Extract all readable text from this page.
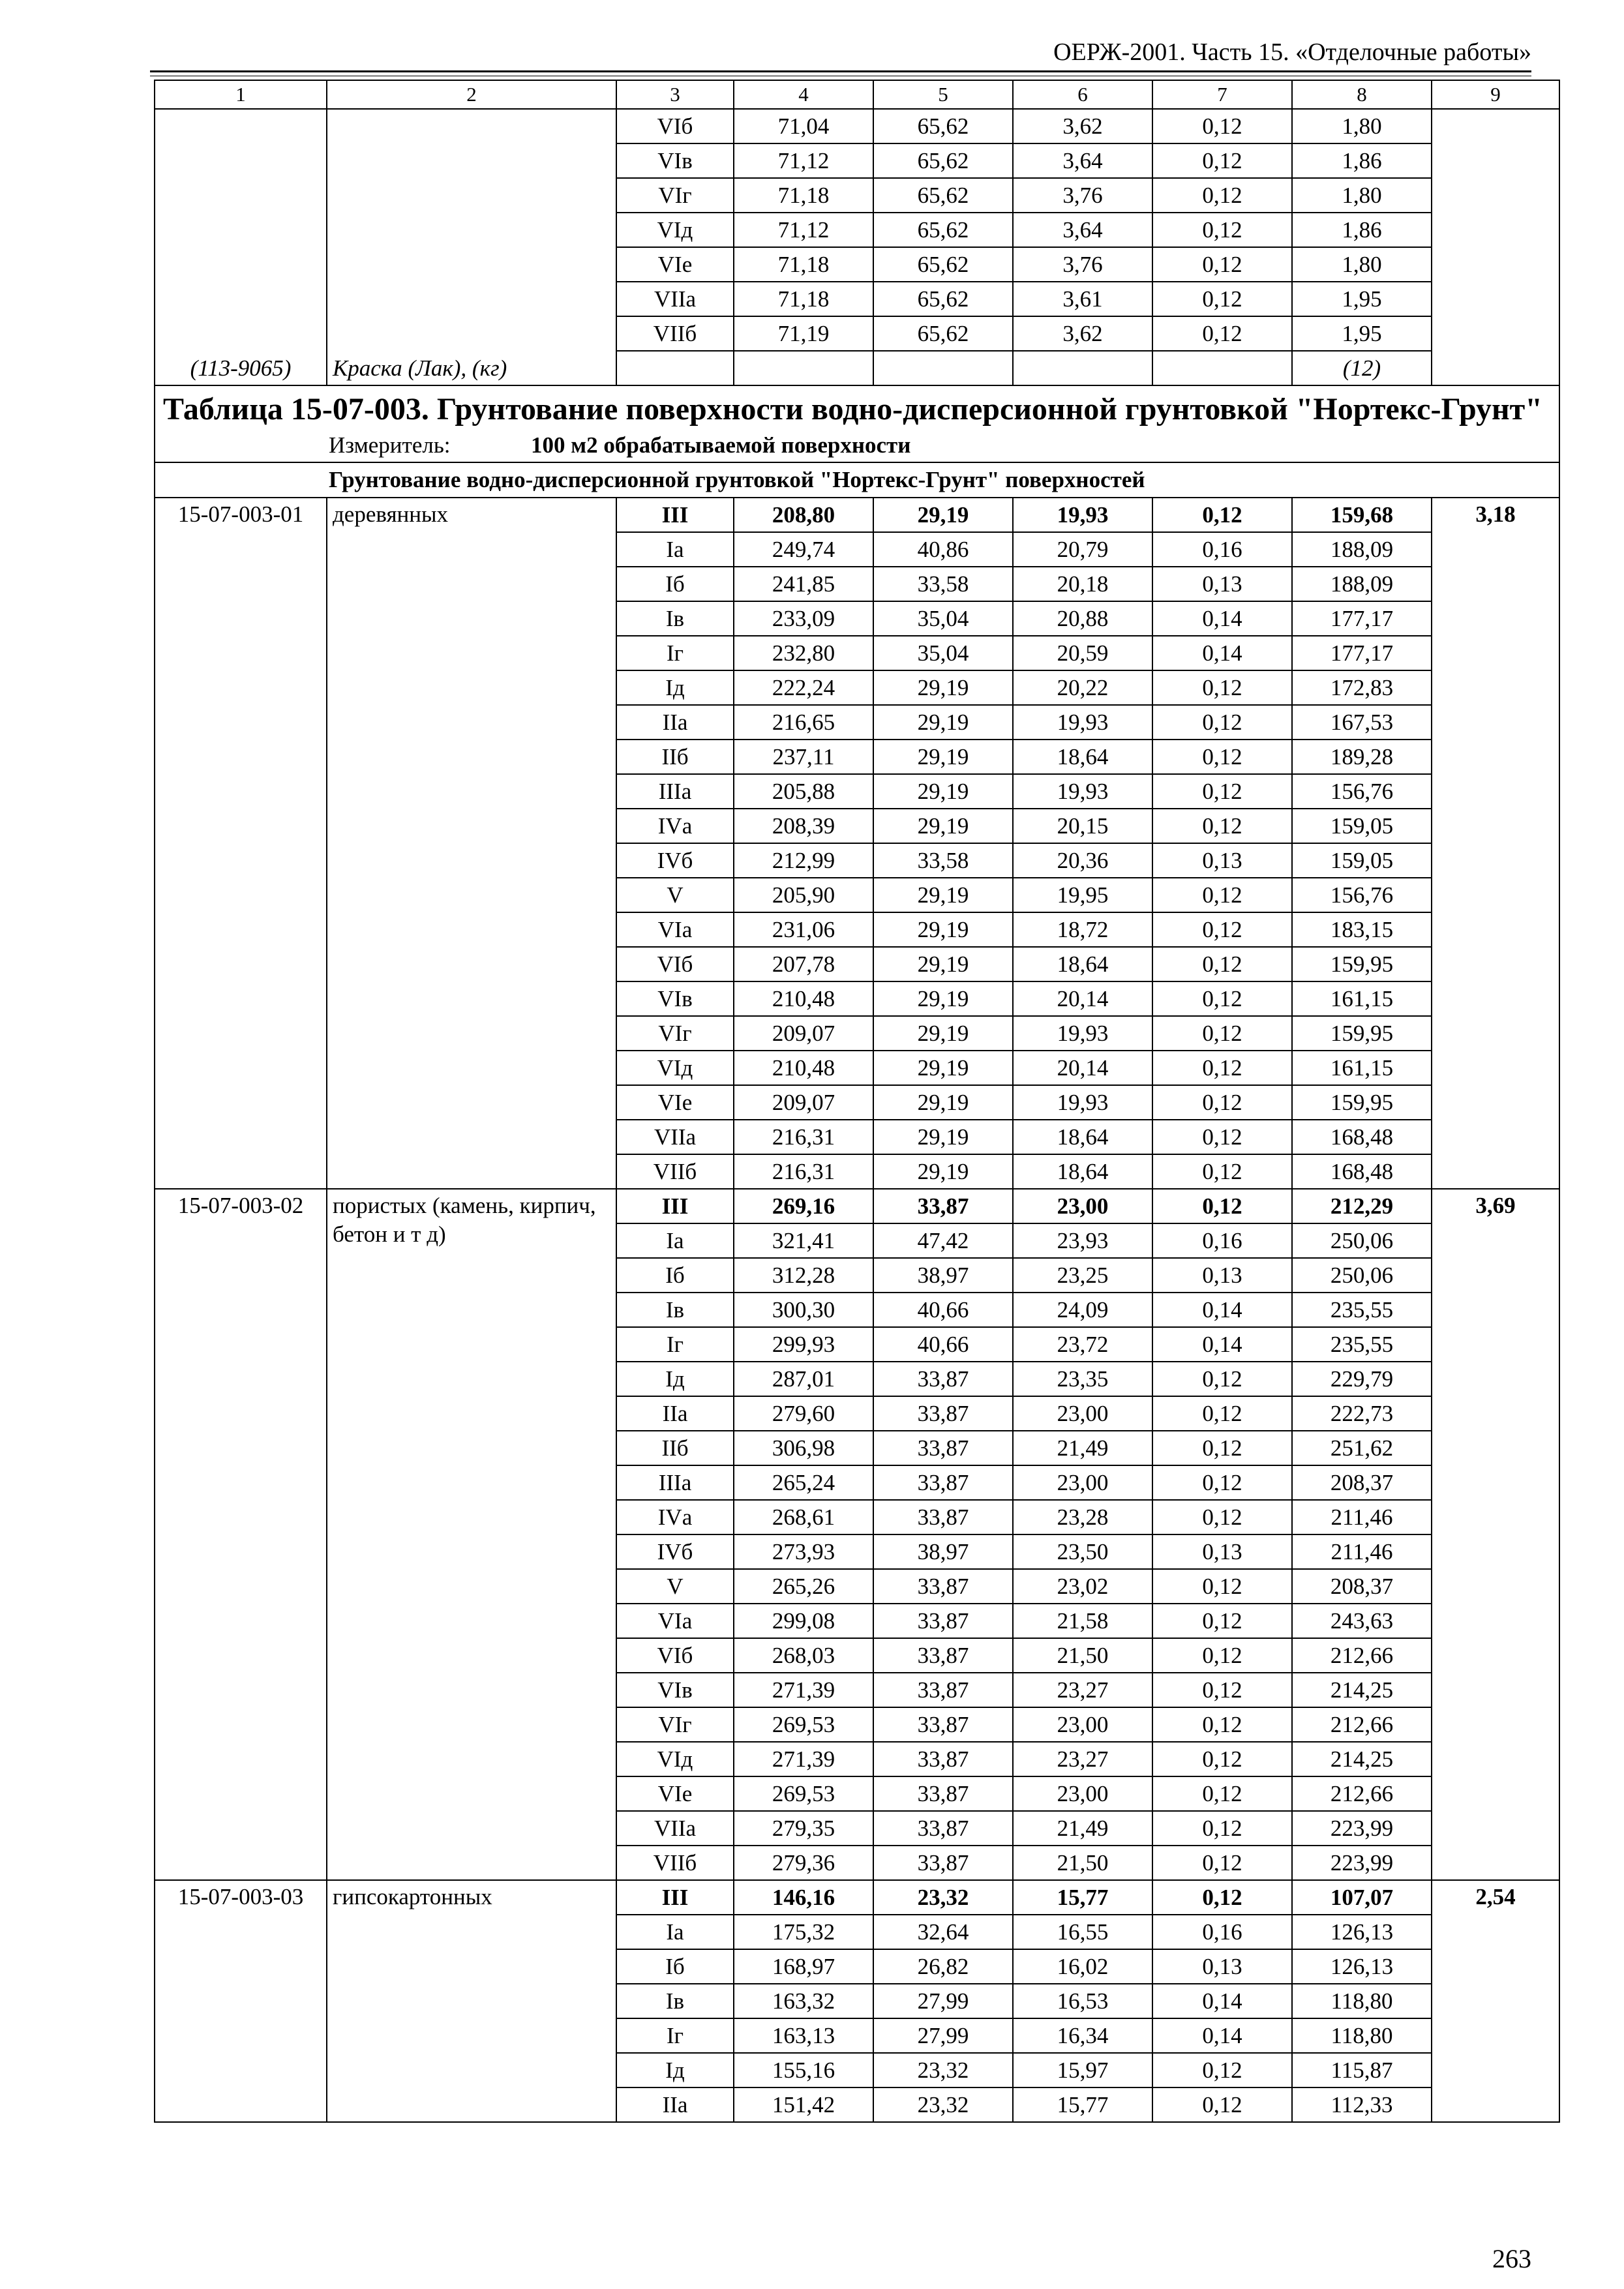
ОЕРЖ-2001. Часть 15. «Отделочные работы»
1	2	3	4	5	6	7	8	9
		VIб	71,04	65,62	3,62	0,12	1,80	
		VIв	71,12	65,62	3,64	0,12	1,86	
		VIг	71,18	65,62	3,76	0,12	1,80	
		VIд	71,12	65,62	3,64	0,12	1,86	
		VIе	71,18	65,62	3,76	0,12	1,80	
		VIIа	71,18	65,62	3,61	0,12	1,95	
		VIIб	71,19	65,62	3,62	0,12	1,95	
(113-9065)	Краска (Лак), (кг)						(12)	
Таблица 15-07-003. Грунтование поверхности водно-дисперсионной грунтовкой "Нортекс-Грунт"								
Измеритель: 100 м2 обрабатываемой поверхности								
Грунтование водно-дисперсионной грунтовкой "Нортекс-Грунт" поверхностей								
15-07-003-01	деревянных	III	208,80	29,19	19,93	0,12	159,68	3,18
		Iа	249,74	40,86	20,79	0,16	188,09	
		Iб	241,85	33,58	20,18	0,13	188,09	
		Iв	233,09	35,04	20,88	0,14	177,17	
		Iг	232,80	35,04	20,59	0,14	177,17	
		Iд	222,24	29,19	20,22	0,12	172,83	
		IIа	216,65	29,19	19,93	0,12	167,53	
		IIб	237,11	29,19	18,64	0,12	189,28	
		IIIа	205,88	29,19	19,93	0,12	156,76	
		IVа	208,39	29,19	20,15	0,12	159,05	
		IVб	212,99	33,58	20,36	0,13	159,05	
		V	205,90	29,19	19,95	0,12	156,76	
		VIа	231,06	29,19	18,72	0,12	183,15	
		VIб	207,78	29,19	18,64	0,12	159,95	
		VIв	210,48	29,19	20,14	0,12	161,15	
		VIг	209,07	29,19	19,93	0,12	159,95	
		VIд	210,48	29,19	20,14	0,12	161,15	
		VIе	209,07	29,19	19,93	0,12	159,95	
		VIIа	216,31	29,19	18,64	0,12	168,48	
		VIIб	216,31	29,19	18,64	0,12	168,48	
15-07-003-02	пористых (камень, кирпич, бетон и т д)	III	269,16	33,87	23,00	0,12	212,29	3,69
		Iа	321,41	47,42	23,93	0,16	250,06	
		Iб	312,28	38,97	23,25	0,13	250,06	
		Iв	300,30	40,66	24,09	0,14	235,55	
		Iг	299,93	40,66	23,72	0,14	235,55	
		Iд	287,01	33,87	23,35	0,12	229,79	
		IIа	279,60	33,87	23,00	0,12	222,73	
		IIб	306,98	33,87	21,49	0,12	251,62	
		IIIа	265,24	33,87	23,00	0,12	208,37	
		IVа	268,61	33,87	23,28	0,12	211,46	
		IVб	273,93	38,97	23,50	0,13	211,46	
		V	265,26	33,87	23,02	0,12	208,37	
		VIа	299,08	33,87	21,58	0,12	243,63	
		VIб	268,03	33,87	21,50	0,12	212,66	
		VIв	271,39	33,87	23,27	0,12	214,25	
		VIг	269,53	33,87	23,00	0,12	212,66	
		VIд	271,39	33,87	23,27	0,12	214,25	
		VIе	269,53	33,87	23,00	0,12	212,66	
		VIIа	279,35	33,87	21,49	0,12	223,99	
		VIIб	279,36	33,87	21,50	0,12	223,99	
15-07-003-03	гипсокартонных	III	146,16	23,32	15,77	0,12	107,07	2,54
		Iа	175,32	32,64	16,55	0,16	126,13	
		Iб	168,97	26,82	16,02	0,13	126,13	
		Iв	163,32	27,99	16,53	0,14	118,80	
		Iг	163,13	27,99	16,34	0,14	118,80	
		Iд	155,16	23,32	15,97	0,12	115,87	
		IIа	151,42	23,32	15,77	0,12	112,33	
263
